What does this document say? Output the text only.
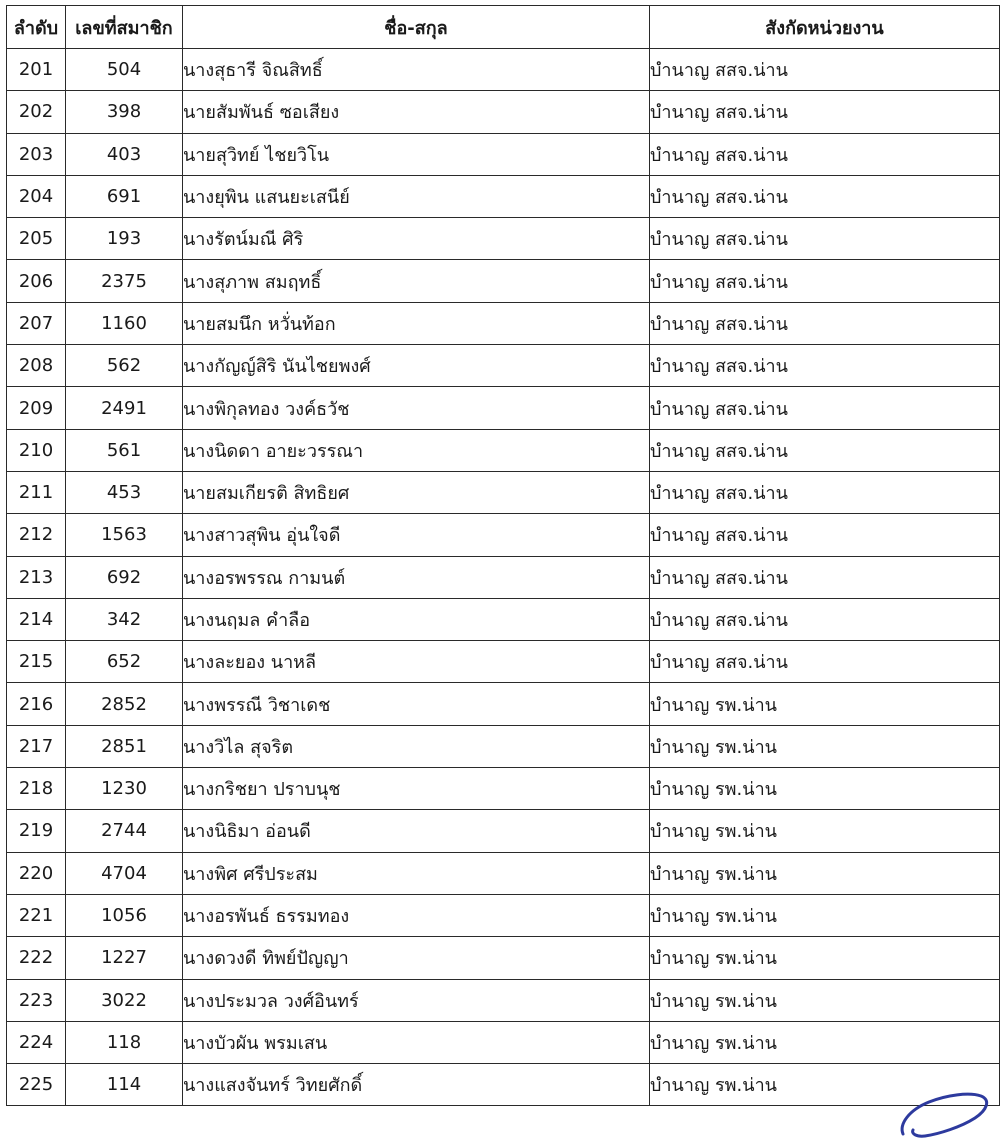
ลำดับ	เลขที่สมาชิก	ชื่อ-สกุล	สังกัดหน่วยงาน
201	504	นางสุธารี จิณสิทธิ์	บำนาญ สสจ.น่าน
202	398	นายสัมพันธ์ ซอเสียง	บำนาญ สสจ.น่าน
203	403	นายสุวิทย์ ไชยวิโน	บำนาญ สสจ.น่าน
204	691	นางยุพิน แสนยะเสนีย์	บำนาญ สสจ.น่าน
205	193	นางรัตน์มณี ศิริ	บำนาญ สสจ.น่าน
206	2375	นางสุภาพ สมฤทธิ์	บำนาญ สสจ.น่าน
207	1160	นายสมนึก หวั่นท้อก	บำนาญ สสจ.น่าน
208	562	นางกัญญ์สิริ นันไชยพงศ์	บำนาญ สสจ.น่าน
209	2491	นางพิกุลทอง วงค์ธวัช	บำนาญ สสจ.น่าน
210	561	นางนิดดา อายะวรรณา	บำนาญ สสจ.น่าน
211	453	นายสมเกียรติ สิทธิยศ	บำนาญ สสจ.น่าน
212	1563	นางสาวสุพิน อุ่นใจดี	บำนาญ สสจ.น่าน
213	692	นางอรพรรณ กามนต์	บำนาญ สสจ.น่าน
214	342	นางนฤมล คำลือ	บำนาญ สสจ.น่าน
215	652	นางละยอง นาหลี	บำนาญ สสจ.น่าน
216	2852	นางพรรณี วิชาเดช	บำนาญ รพ.น่าน
217	2851	นางวิไล สุจริต	บำนาญ รพ.น่าน
218	1230	นางกริชยา ปราบนุช	บำนาญ รพ.น่าน
219	2744	นางนิธิมา อ่อนดี	บำนาญ รพ.น่าน
220	4704	นางพิศ ศรีประสม	บำนาญ รพ.น่าน
221	1056	นางอรพันธ์ ธรรมทอง	บำนาญ รพ.น่าน
222	1227	นางดวงดี ทิพย์ปัญญา	บำนาญ รพ.น่าน
223	3022	นางประมวล วงศ์อินทร์	บำนาญ รพ.น่าน
224	118	นางบัวผัน พรมเสน	บำนาญ รพ.น่าน
225	114	นางแสงจันทร์ วิทยศักดิ์	บำนาญ รพ.น่าน
